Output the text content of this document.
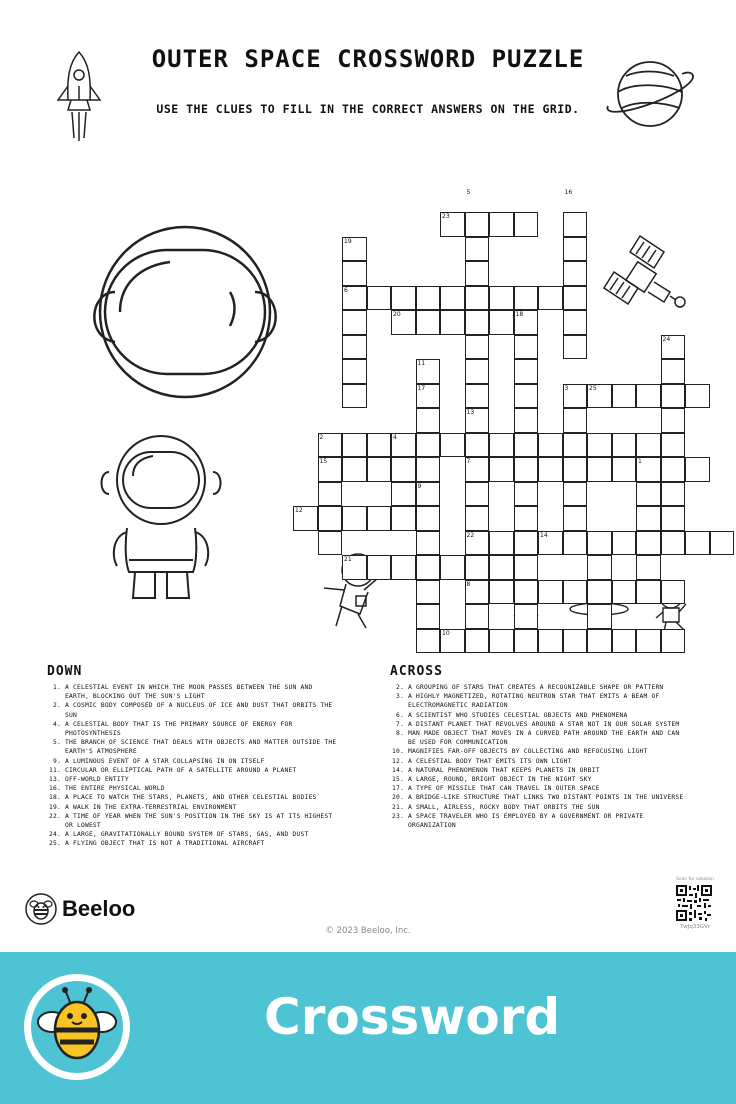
OUTER SPACE CROSSWORD PUZZLE
USE THE CLUES TO FILL IN THE CORRECT ANSWERS ON THE GRID.
5	16
23
19
6
20	18
24
11
17	3	25
13
2	4
15	7	1
9
12
22	14
21
8
10
DOWN
1. A CELESTIAL EVENT IN WHICH THE MOON PASSES BETWEEN THE SUN AND EARTH, BLOCKING OUT THE SUN'S LIGHT
2. A COSMIC BODY COMPOSED OF A NUCLEUS OF ICE AND DUST THAT ORBITS THE SUN
4. A CELESTIAL BODY THAT IS THE PRIMARY SOURCE OF ENERGY FOR PHOTOSYNTHESIS
5. THE BRANCH OF SCIENCE THAT DEALS WITH OBJECTS AND MATTER OUTSIDE THE EARTH'S ATMOSPHERE
9. A LUMINOUS EVENT OF A STAR COLLAPSING IN ON ITSELF
11. CIRCULAR OR ELLIPTICAL PATH OF A SATELLITE AROUND A PLANET
13. OFF-WORLD ENTITY
16. THE ENTIRE PHYSICAL WORLD
18. A PLACE TO WATCH THE STARS, PLANETS, AND OTHER CELESTIAL BODIES
19. A WALK IN THE EXTRA-TERRESTRIAL ENVIRONMENT
22. A TIME OF YEAR WHEN THE SUN'S POSITION IN THE SKY IS AT ITS HIGHEST OR LOWEST
24. A LARGE, GRAVITATIONALLY BOUND SYSTEM OF STARS, GAS, AND DUST
25. A FLYING OBJECT THAT IS NOT A TRADITIONAL AIRCRAFT
ACROSS
2. A GROUPING OF STARS THAT CREATES A RECOGNIZABLE SHAPE OR PATTERN
3. A HIGHLY MAGNETIZED, ROTATING NEUTRON STAR THAT EMITS A BEAM OF ELECTROMAGNETIC RADIATION
6. A SCIENTIST WHO STUDIES CELESTIAL OBJECTS AND PHENOMENA
7. A DISTANT PLANET THAT REVOLVES AROUND A STAR NOT IN OUR SOLAR SYSTEM
8. MAN MADE OBJECT THAT MOVES IN A CURVED PATH AROUND THE EARTH AND CAN BE USED FOR COMMUNICATION
10. MAGNIFIES FAR-OFF OBJECTS BY COLLECTING AND REFOCUSING LIGHT
12. A CELESTIAL BODY THAT EMITS ITS OWN LIGHT
14. A NATURAL PHENOMENON THAT KEEPS PLANETS IN ORBIT
15. A LARGE, ROUND, BRIGHT OBJECT IN THE NIGHT SKY
17. A TYPE OF MISSILE THAT CAN TRAVEL IN OUTER SPACE
20. A BRIDGE-LIKE STRUCTURE THAT LINKS TWO DISTANT POINTS IN THE UNIVERSE
21. A SMALL, AIRLESS, ROCKY BODY THAT ORBITS THE SUN
23. A SPACE TRAVELER WHO IS EMPLOYED BY A GOVERNMENT OR PRIVATE ORGANIZATION
Beeloo
© 2023 Beeloo, Inc.
Scan for solution
7wJq33GVr
Crossword
